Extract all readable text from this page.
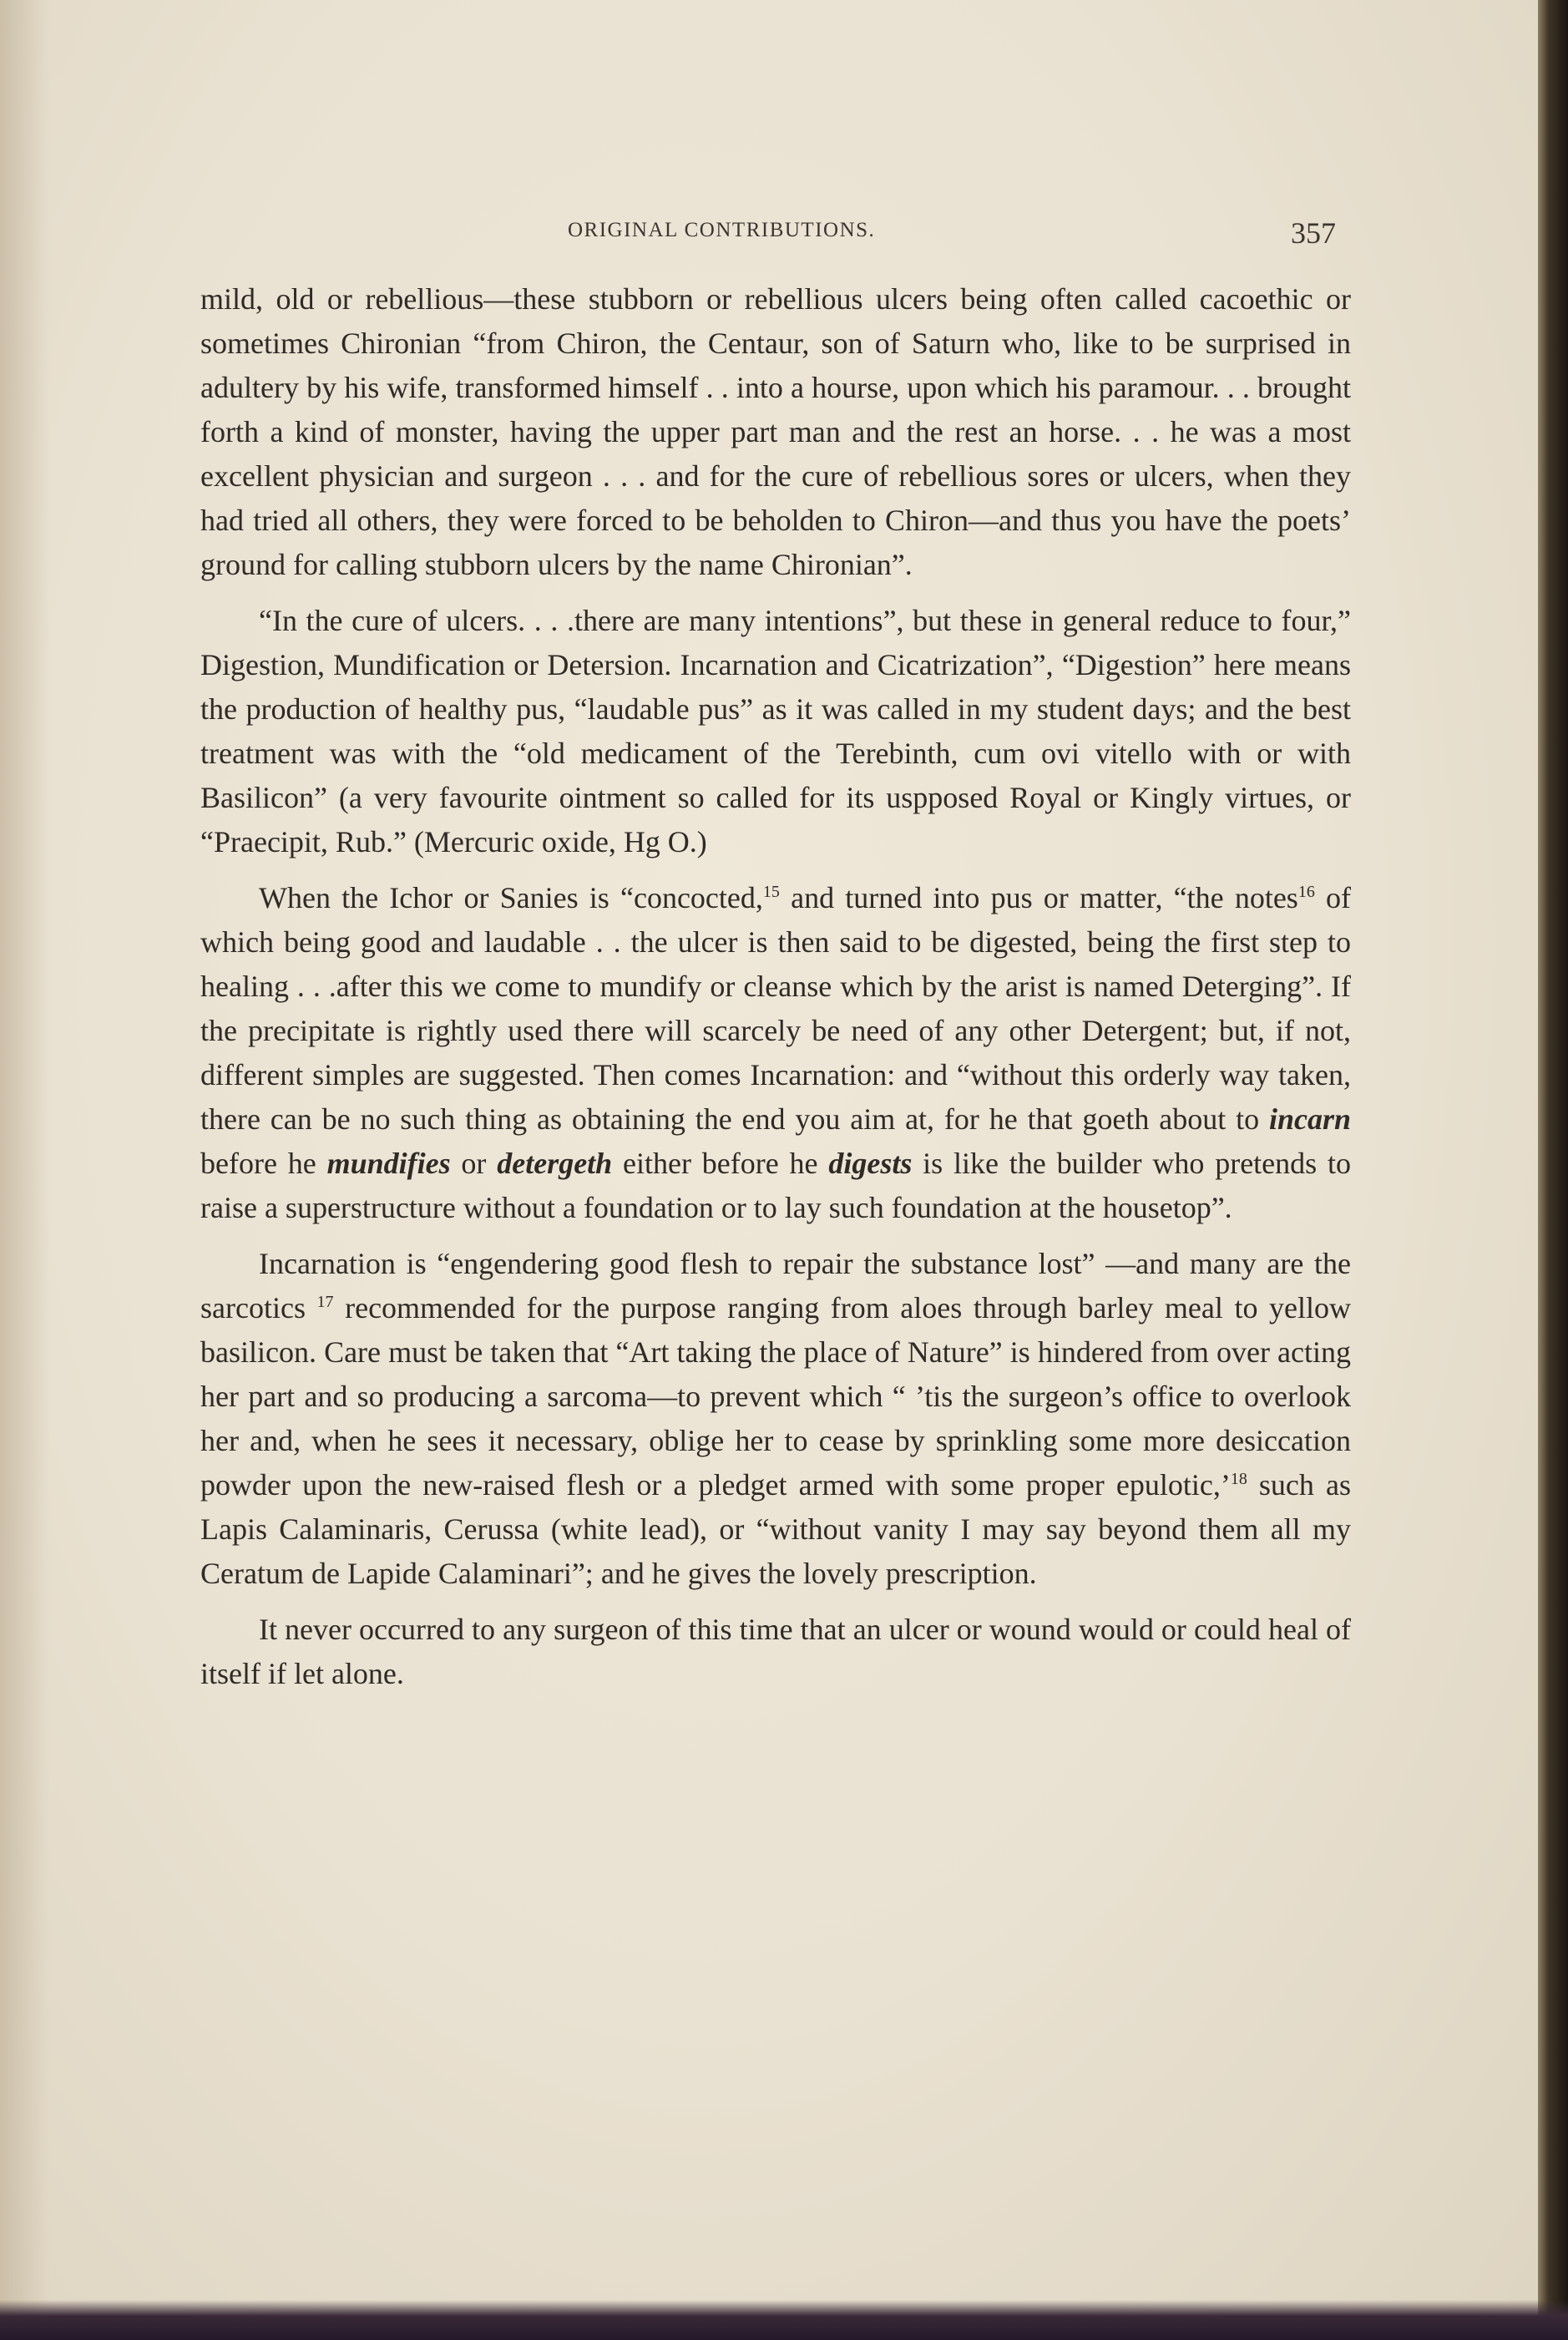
ORIGINAL CONTRIBUTIONS.	357

mild, old or rebellious—these stubborn or rebellious ulcers being often called cacoethic or sometimes Chironian “from Chiron, the Centaur, son of Saturn who, like to be surprised in adultery by his wife, transformed himself . . into a hourse, upon which his paramour. . . brought forth a kind of monster, having the upper part man and the rest an horse. . . he was a most excellent physician and surgeon . . . and for the cure of rebellious sores or ulcers, when they had tried all others, they were forced to be beholden to Chiron—and thus you have the poets’ ground for calling stubborn ulcers by the name Chironian”.

“In the cure of ulcers. . . .there are many intentions”, but these in general reduce to four,” Digestion, Mundification or Detersion. Incarnation and Cicatrization”, “Digestion” here means the production of healthy pus, “laudable pus” as it was called in my student days; and the best treatment was with the “old medicament of the Terebinth, cum ovi vitello with or with Basilicon” (a very favourite ointment so called for its uspposed Royal or Kingly virtues, or “Praecipit, Rub.” (Mercuric oxide, Hg O.)

When the Ichor or Sanies is “concocted,$^{15}$ and turned into pus or matter, “the notes$^{16}$ of which being good and laudable . . the ulcer is then said to be digested, being the first step to healing . . .after this we come to mundify or cleanse which by the arist is named Deterging”. If the precipitate is rightly used there will scarcely be need of any other Detergent; but, if not, different simples are suggested. Then comes Incarnation: and “without this orderly way taken, there can be no such thing as obtaining the end you aim at, for he that goeth about to incarn before he mundifies or detergeth either before he digests is like the builder who pretends to raise a superstructure without a foundation or to lay such foundation at the housetop”.

Incarnation is “engendering good flesh to repair the substance lost” —and many are the sarcotics $^{17}$ recommended for the purpose ranging from aloes through barley meal to yellow basilicon. Care must be taken that “Art taking the place of Nature” is hindered from over acting her part and so producing a sarcoma—to prevent which “ ’tis the surgeon’s office to overlook her and, when he sees it necessary, oblige her to cease by sprinkling some more desiccation powder upon the new-raised flesh or a pledget armed with some proper epulotic,’$^{18}$ such as Lapis Calaminaris, Cerussa (white lead), or “without vanity I may say beyond them all my Ceratum de Lapide Calaminari”; and he gives the lovely prescription.

It never occurred to any surgeon of this time that an ulcer or wound would or could heal of itself if let alone.
